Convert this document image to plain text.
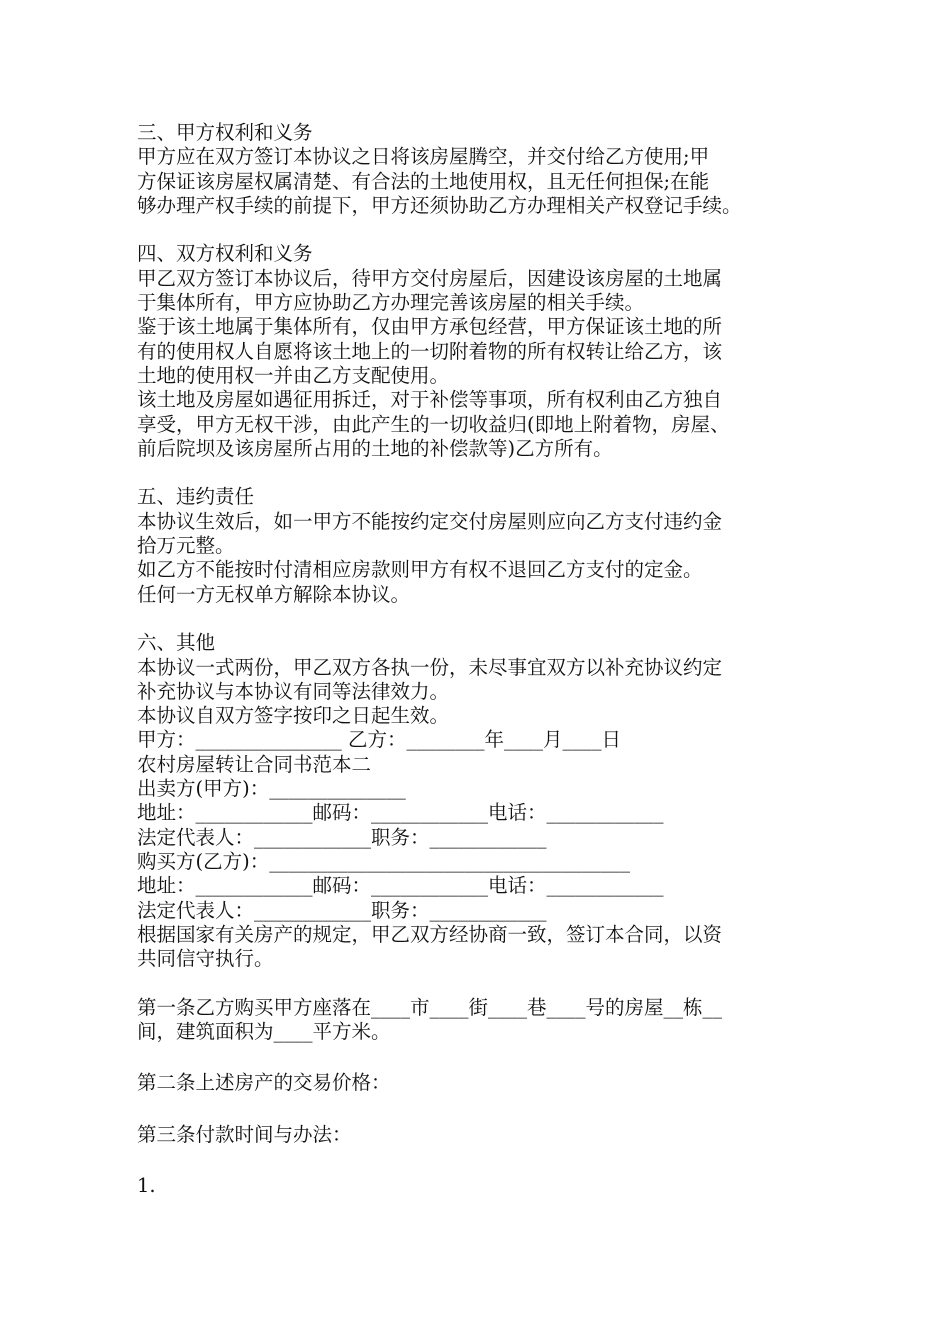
三、甲方权利和义务
甲方应在双方签订本协议之日将该房屋腾空，并交付给乙方使用;甲
方保证该房屋权属清楚、有合法的土地使用权，且无任何担保;在能
够办理产权手续的前提下，甲方还须协助乙方办理相关产权登记手续。
四、双方权利和义务
甲乙双方签订本协议后，待甲方交付房屋后，因建设该房屋的土地属
于集体所有，甲方应协助乙方办理完善该房屋的相关手续。
鉴于该土地属于集体所有，仅由甲方承包经营，甲方保证该土地的所
有的使用权人自愿将该土地上的一切附着物的所有权转让给乙方，该
土地的使用权一并由乙方支配使用。
该土地及房屋如遇征用拆迁，对于补偿等事项，所有权利由乙方独自
享受，甲方无权干涉，由此产生的一切收益归(即地上附着物，房屋、
前后院坝及该房屋所占用的土地的补偿款等)乙方所有。
五、违约责任
本协议生效后，如一甲方不能按约定交付房屋则应向乙方支付违约金
拾万元整。
如乙方不能按时付清相应房款则甲方有权不退回乙方支付的定金。
任何一方无权单方解除本协议。
六、其他
本协议一式两份，甲乙双方各执一份，未尽事宜双方以补充协议约定
补充协议与本协议有同等法律效力。
本协议自双方签字按印之日起生效。
甲方：_______________ 乙方：________年____月____日
农村房屋转让合同书范本二
出卖方(甲方)：______________
地址：____________邮码：____________电话：____________
法定代表人：____________职务：____________
购买方(乙方)：_____________________________________
地址：____________邮码：____________电话：____________
法定代表人：____________职务：____________
根据国家有关房产的规定，甲乙双方经协商一致，签订本合同，以资
共同信守执行。
第一条乙方购买甲方座落在____市____街____巷____号的房屋__栋__
间，建筑面积为____平方米。
第二条上述房产的交易价格：
第三条付款时间与办法：
1.
